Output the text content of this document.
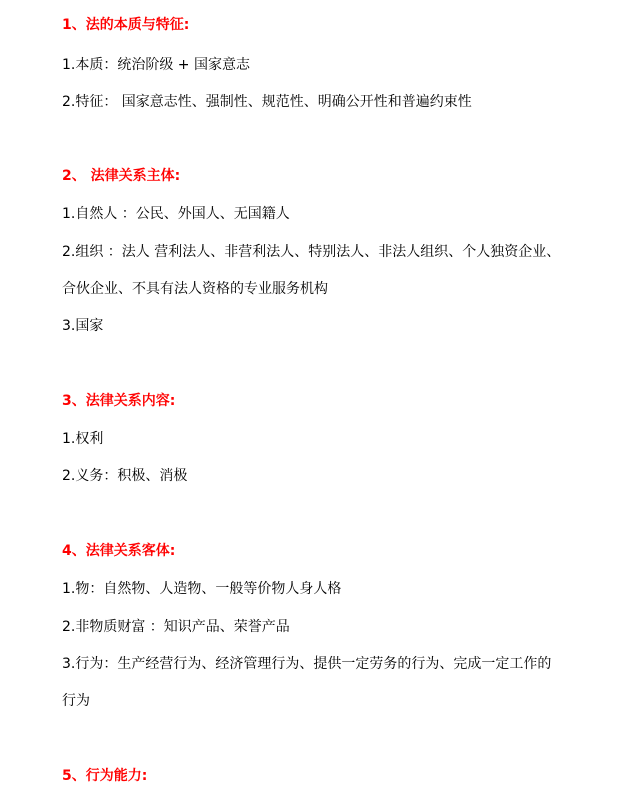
1、法的本质与特征:
1.本质：统治阶级 + 国家意志
2.特征： 国家意志性、强制性、规范性、明确公开性和普遍约束性
2、 法律关系主体:
1.自然人 ：公民、外国人、无国籍人
2.组织 ：法人 营利法人、非营利法人、特别法人、非法人组织、个人独资企业、
合伙企业、不具有法人资格的专业服务机构
3.国家
3、法律关系内容:
1.权利
2.义务：积极、消极
4、法律关系客体:
1.物：自然物、人造物、一般等价物人身人格
2.非物质财富 ：知识产品、荣誉产品
3.行为：生产经营行为、经济管理行为、提供一定劳务的行为、完成一定工作的
行为
5、行为能力:
